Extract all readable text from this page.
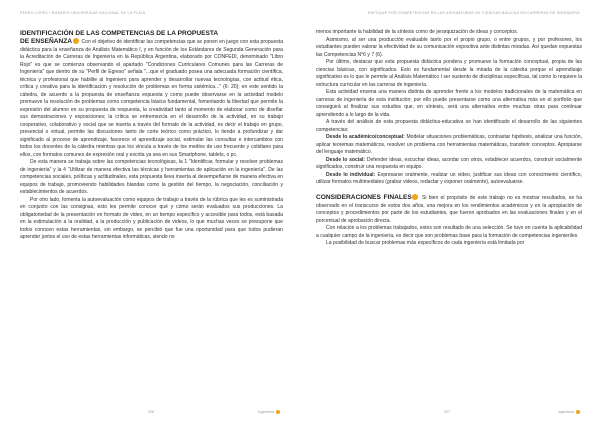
PEDRO LÓPEZ / ROSARIO UNIVERSIDAD NACIONAL DE LA PLATA
IDENTIFICACIÓN DE LAS COMPETENCIAS DE LA PROPUESTA

DE ENSEÑANZA Con el objetivo de identificar las competencias que se ponen en juego con esta propuesta didáctica para la enseñanza de Análisis Matemático I, y en función de los Estándares de Segunda Generación para la Acreditación de Carreras de Ingeniería en la República Argentina, elaborado por CONFEDI, denominado "Libro Rojo" es que se comienza observando el apartado "Condiciones Curriculares Comunes para las Carreras de Ingeniería" que dentro de su "Perfil de Egreso" señala "...que el graduado posea una adecuada formación científica, técnica y profesional que habilite al ingeniero para aprender y desarrollar nuevas tecnologías, con actitud ética, crítica y creativa para la identificación y resolución de problemas en forma sistémica..." (6: 20); en este sentido la cátedra, de acuerdo a la propuesta de enseñanza expuesta y como puede observarse en la actividad modelo promueve la resolución de problemas como competencia básica fundamental, fomentando la libertad que permite la expresión del alumno en su propuesta de respuesta, la creatividad tanto al momento de elaborar como de diseñar sus demostraciones y exposiciones; la crítica se entremezcla en el desarrollo de la actividad, en su trabajo cooperativo, colaborativo y social que se inserta a través del formato de la actividad, es decir el trabajo en grupo, presencial o virtual, permite las discusiones tanto de corte teórico como práctico, lo tiende a profundizar y dar significado al proceso de aprendizaje, favorece el aprendizaje social, estimular las consultas e intercambios con todos los docentes de la cátedra mientras que los vincula a través de los medios de uso frecuente y cotidiano para ellos, con formatos comunes de expresión oral y escrita ya sea en sus Smartphone, tablets, o pc.

De esta manera se trabaja sobre las competencias tecnológicas, la 1 "Identificar, formular y resolver problemas de ingeniería" y la 4 "Utilizar de manera efectiva las técnicas y herramientas de aplicación en la ingeniería". De las competencias sociales, políticas y actitudinales, esta propuesta lleva inserta al desempeñarse de manera efectiva en equipos de trabajo, promoviendo habilidades blandas como la gestión del tiempo, la negociación, conciliación y establecimientos de acuerdos.

Por otro lado, fomenta la autoevaluación como equipos de trabajo a través de la rúbrica que les es suministrada en conjunto con las consignas, esto les permite conocer qué y cómo serán evaluados sus producciones. La obligatoriedad de la presentación en formato de video, en un tiempo específico y accesible para todos, está basada en la estimulación a la oralidad, a la producción y publicación de videos, lo que muchas veces se presupone que todos conocen estas herramientas, sin embargo, se percibió que fue una oportunidad para que todos pudieran aprender juntos el uso de estas herramientas informáticas, siendo no

296	Ingeniería
ENFOQUE POR COMPETENCIAS EN LAS ASIGNATURAS DE CIENCIAS BÁSICAS EN CARRERAS DE INGENIERÍA

menos importante la habilidad de la síntesis como de jerarquización de ideas y conceptos.

Asimismo, al ser una producción evaluable tanto por el propio grupo, o entre grupos, y por profesores, los estudiantes pueden valorar la efectividad de su comunicación expositiva ante distintas miradas. Así quedan expuestas las Competencias N°6 y 7 (6).

Por último, destacar que esta propuesta didáctica pondera y promueve la formación conceptual, propia de las ciencias básicas, con significados. Esto es fundamental desde la mirada de la cátedra porque el aprendizaje significativo es lo que le permite al Análisis Matemático I ser sustento de disciplinas específicas, tal como lo requiere la estructura curricular en las carreras de ingeniería.

Esta actividad ensena una manera distinta de aprender frente a los modelos tradicionales de la matemática en carreras de ingeniería de esta institución; por ello puede presentarse como una alternativa más en el portfolio que conseguirá al finalizar sus estudios que, en síntesis, será una alternativa entre muchas otras para continuar aprendiendo a lo largo de la vida.

A través del análisis de esta propuesta didáctica-educativa se han identificado el desarrollo de las siguientes competencias:

Desde lo académico/conceptual: Modelar situaciones problemáticas, contrastar hipótesis, analizar una función, aplicar teoremas matemáticos, resolver un problema con herramientas matemáticas, transferir conceptos. Apropiarse del lenguaje matemático.

Desde lo social: Defender ideas, escuchar ideas, acordar con otros, establecer acuerdos, construir socialmente significados, construir una respuesta en equipo.

Desde lo individual: Expresarse oralmente, realizar un video, justificar sus ideas con conocimiento científico, utilizar formatos multimediales (grabar videos, redactar y exponer oralmente), autoevaluarse.

CONSIDERACIONES FINALES Si bien el propósito de este trabajo no es mostrar resultados, se ha observado en el transcurso de estos dos años, una mejora en los rendimientos académicos y en la apropiación de conceptos y procedimientos por parte de los estudiantes, que fueron aprobados en las evaluaciones finales y en el porcentual de aprobación directa.

Con relación a los problemas trabajados, estos son resultado de una selección. Se tuvo en cuenta la aplicabilidad a cualquier campo de la ingeniería, es decir que son problemas base para la formación de competencias ingenieriles.

La posibilidad de buscar problemas más específicos de cada ingeniería está limitada por

297	Ingeniería
